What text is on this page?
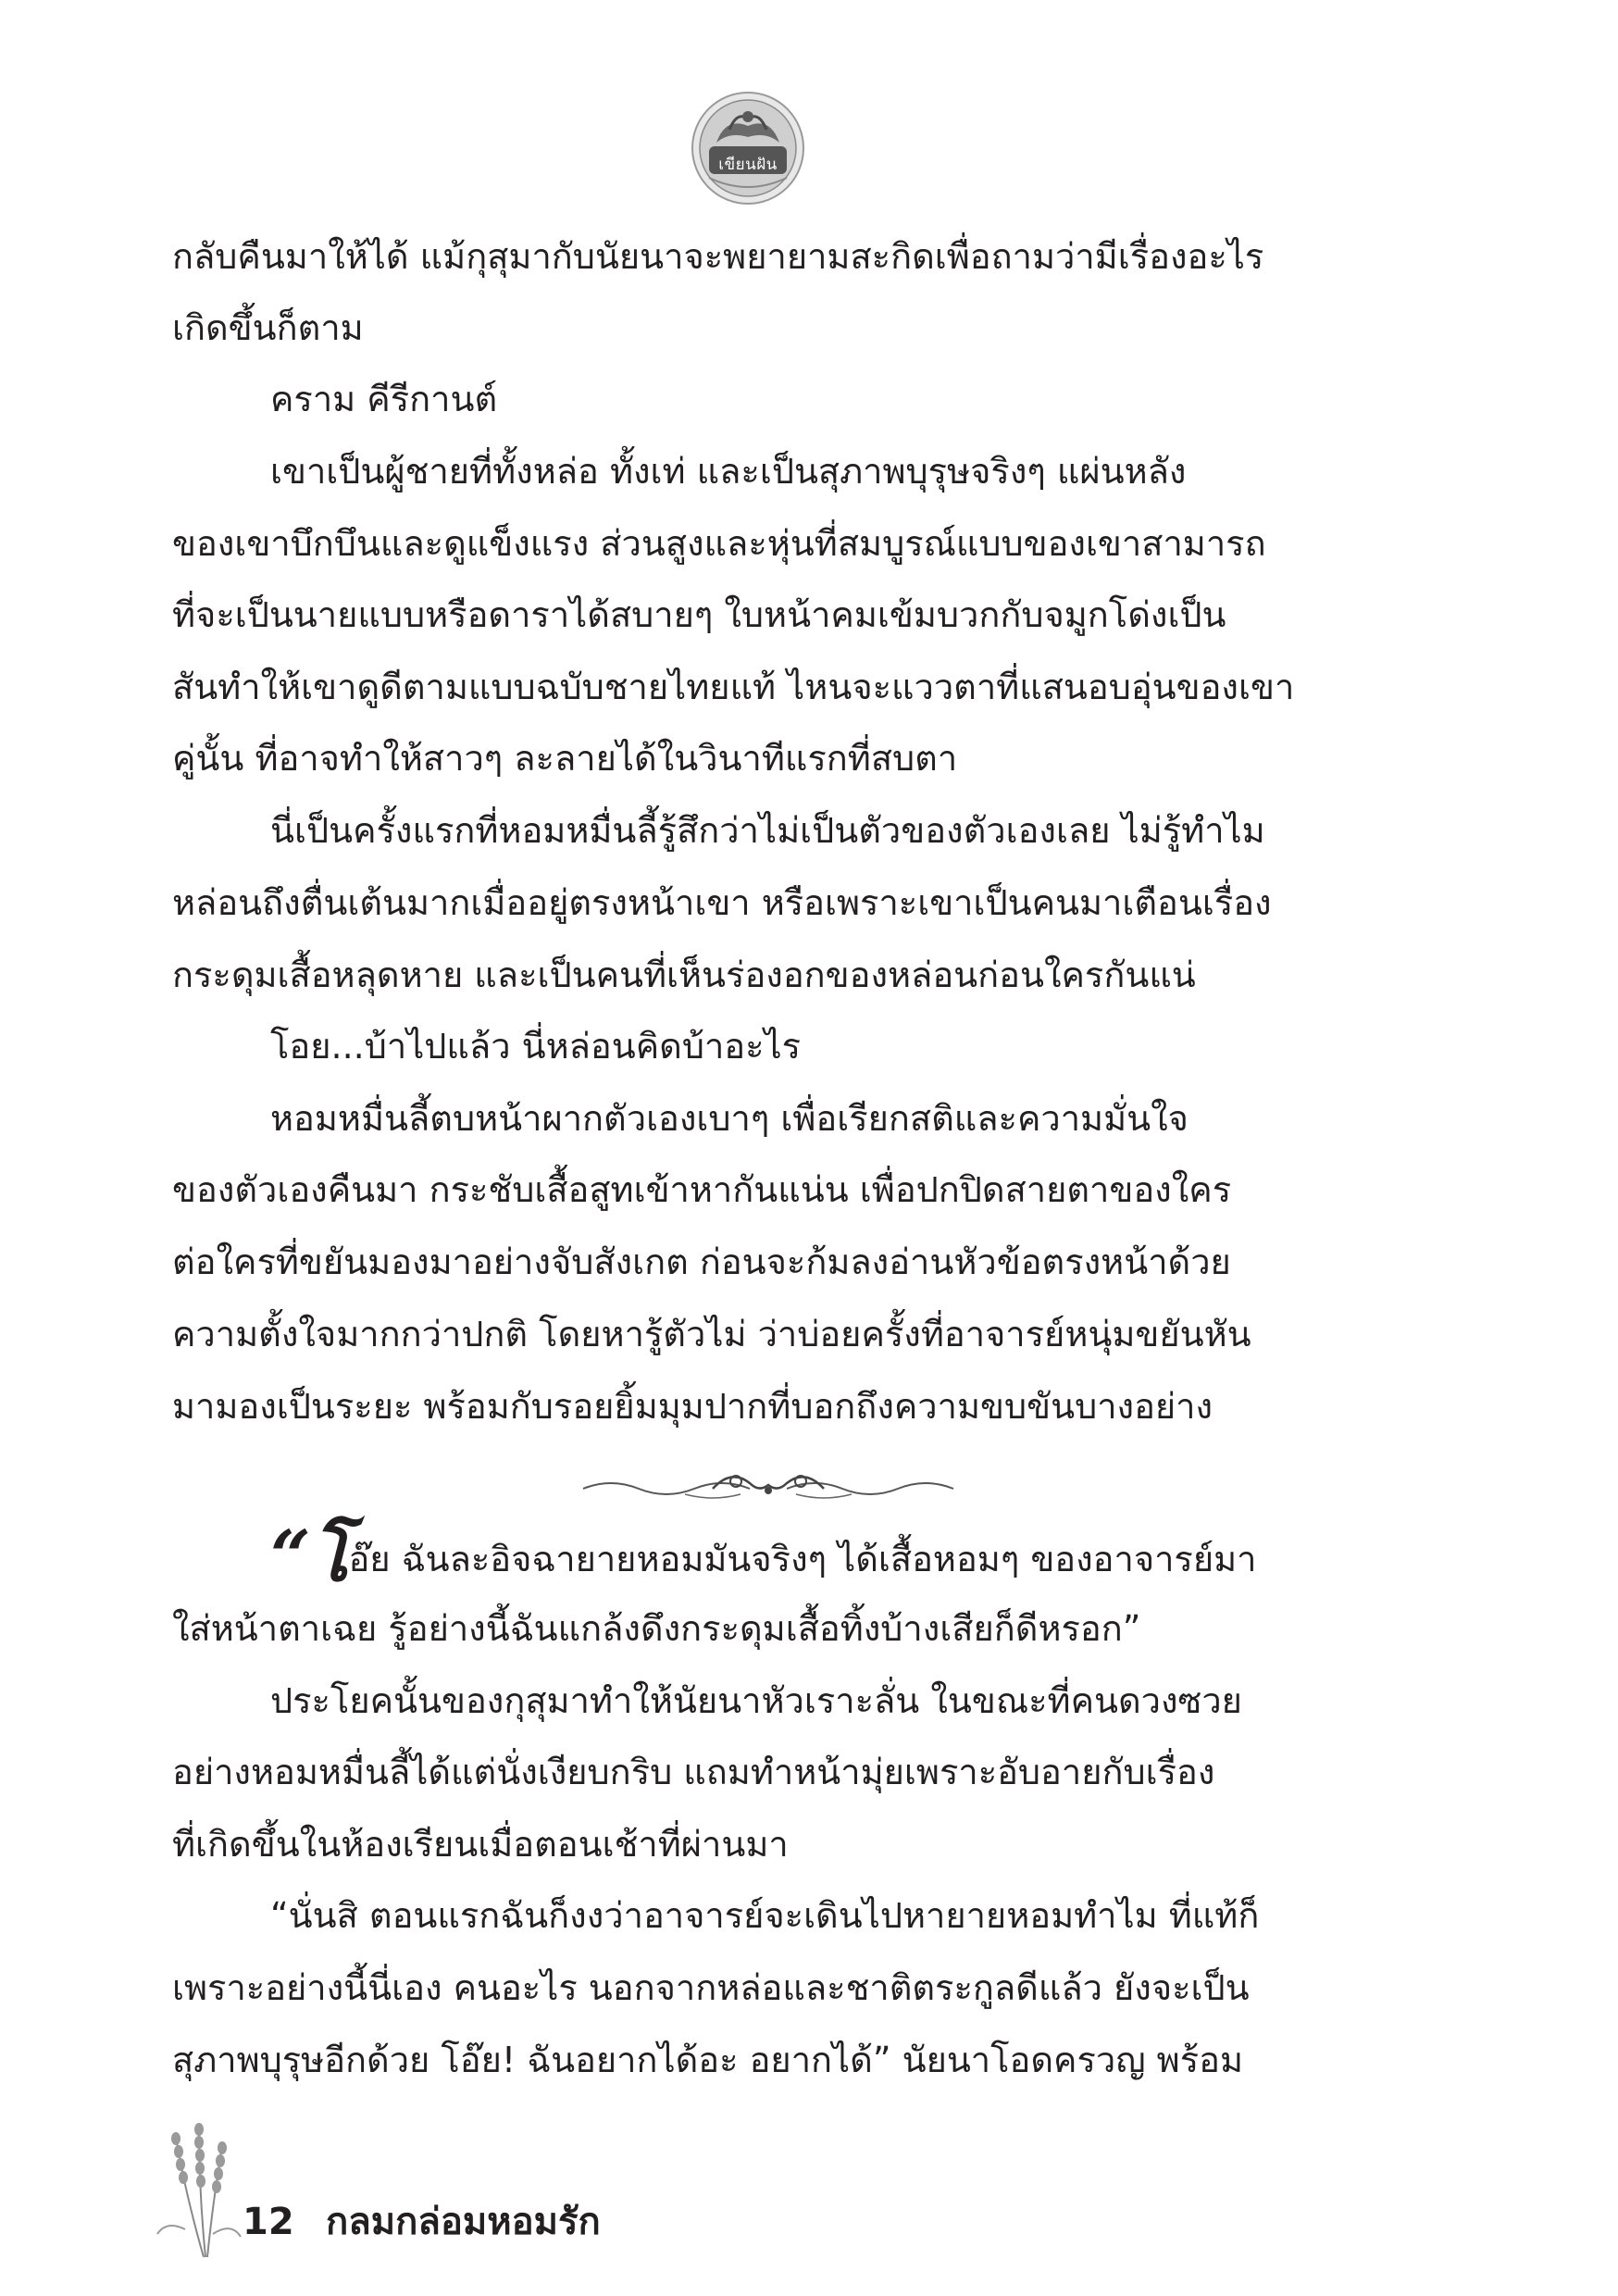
เขียนฝัน
กลับคืนมาให้ได้ แม้กุสุมากับนัยนาจะพยายามสะกิดเพื่อถามว่ามีเรื่องอะไร
เกิดขึ้นก็ตาม
คราม คีรีกานต์
เขาเป็นผู้ชายที่ทั้งหล่อ ทั้งเท่ และเป็นสุภาพบุรุษจริงๆ แผ่นหลัง
ของเขาบึกบึนและดูแข็งแรง ส่วนสูงและหุ่นที่สมบูรณ์แบบของเขาสามารถ
ที่จะเป็นนายแบบหรือดาราได้สบายๆ ใบหน้าคมเข้มบวกกับจมูกโด่งเป็น
สันทำให้เขาดูดีตามแบบฉบับชายไทยแท้ ไหนจะแววตาที่แสนอบอุ่นของเขา
คู่นั้น ที่อาจทำให้สาวๆ ละลายได้ในวินาทีแรกที่สบตา
นี่เป็นครั้งแรกที่หอมหมื่นลี้รู้สึกว่าไม่เป็นตัวของตัวเองเลย ไม่รู้ทำไม
หล่อนถึงตื่นเต้นมากเมื่ออยู่ตรงหน้าเขา หรือเพราะเขาเป็นคนมาเตือนเรื่อง
กระดุมเสื้อหลุดหาย และเป็นคนที่เห็นร่องอกของหล่อนก่อนใครกันแน่
โอย...บ้าไปแล้ว นี่หล่อนคิดบ้าอะไร
หอมหมื่นลี้ตบหน้าผากตัวเองเบาๆ เพื่อเรียกสติและความมั่นใจ
ของตัวเองคืนมา กระชับเสื้อสูทเข้าหากันแน่น เพื่อปกปิดสายตาของใคร
ต่อใครที่ขยันมองมาอย่างจับสังเกต ก่อนจะก้มลงอ่านหัวข้อตรงหน้าด้วย
ความตั้งใจมากกว่าปกติ โดยหารู้ตัวไม่ ว่าบ่อยครั้งที่อาจารย์หนุ่มขยันหัน
มามองเป็นระยะ พร้อมกับรอยยิ้มมุมปากที่บอกถึงความขบขันบางอย่าง
“โอ๊ย ฉันละอิจฉายายหอมมันจริงๆ ได้เสื้อหอมๆ ของอาจารย์มา
ใส่หน้าตาเฉย รู้อย่างนี้ฉันแกล้งดึงกระดุมเสื้อทิ้งบ้างเสียก็ดีหรอก”
ประโยคนั้นของกุสุมาทำให้นัยนาหัวเราะลั่น ในขณะที่คนดวงซวย
อย่างหอมหมื่นลี้ได้แต่นั่งเงียบกริบ แถมทำหน้ามุ่ยเพราะอับอายกับเรื่อง
ที่เกิดขึ้นในห้องเรียนเมื่อตอนเช้าที่ผ่านมา
“นั่นสิ ตอนแรกฉันก็งงว่าอาจารย์จะเดินไปหายายหอมทำไม ที่แท้ก็
เพราะอย่างนี้นี่เอง คนอะไร นอกจากหล่อและชาติตระกูลดีแล้ว ยังจะเป็น
สุภาพบุรุษอีกด้วย โอ๊ย! ฉันอยากได้อะ อยากได้” นัยนาโอดครวญ พร้อม
12 กลมกล่อมหอมรัก
